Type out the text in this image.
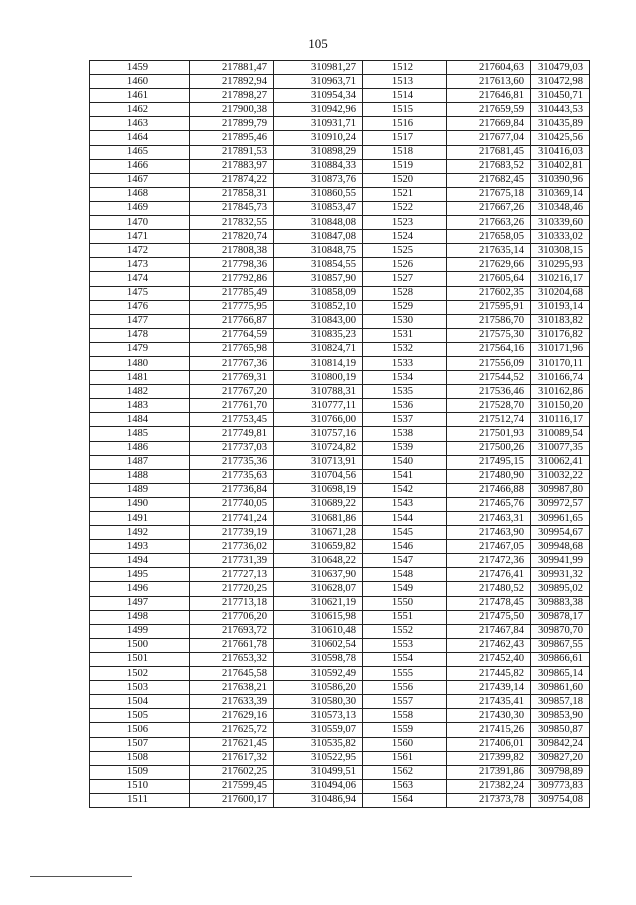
105
1459	217881,47	310981,27	1512	217604,63	310479,03
1460	217892,94	310963,71	1513	217613,60	310472,98
1461	217898,27	310954,34	1514	217646,81	310450,71
1462	217900,38	310942,96	1515	217659,59	310443,53
1463	217899,79	310931,71	1516	217669,84	310435,89
1464	217895,46	310910,24	1517	217677,04	310425,56
1465	217891,53	310898,29	1518	217681,45	310416,03
1466	217883,97	310884,33	1519	217683,52	310402,81
1467	217874,22	310873,76	1520	217682,45	310390,96
1468	217858,31	310860,55	1521	217675,18	310369,14
1469	217845,73	310853,47	1522	217667,26	310348,46
1470	217832,55	310848,08	1523	217663,26	310339,60
1471	217820,74	310847,08	1524	217658,05	310333,02
1472	217808,38	310848,75	1525	217635,14	310308,15
1473	217798,36	310854,55	1526	217629,66	310295,93
1474	217792,86	310857,90	1527	217605,64	310216,17
1475	217785,49	310858,09	1528	217602,35	310204,68
1476	217775,95	310852,10	1529	217595,91	310193,14
1477	217766,87	310843,00	1530	217586,70	310183,82
1478	217764,59	310835,23	1531	217575,30	310176,82
1479	217765,98	310824,71	1532	217564,16	310171,96
1480	217767,36	310814,19	1533	217556,09	310170,11
1481	217769,31	310800,19	1534	217544,52	310166,74
1482	217767,20	310788,31	1535	217536,46	310162,86
1483	217761,70	310777,11	1536	217528,70	310150,20
1484	217753,45	310766,00	1537	217512,74	310116,17
1485	217749,81	310757,16	1538	217501,93	310089,54
1486	217737,03	310724,82	1539	217500,26	310077,35
1487	217735,36	310713,91	1540	217495,15	310062,41
1488	217735,63	310704,56	1541	217480,90	310032,22
1489	217736,84	310698,19	1542	217466,88	309987,80
1490	217740,05	310689,22	1543	217465,76	309972,57
1491	217741,24	310681,86	1544	217463,31	309961,65
1492	217739,19	310671,28	1545	217463,90	309954,67
1493	217736,02	310659,82	1546	217467,05	309948,68
1494	217731,39	310648,22	1547	217472,36	309941,99
1495	217727,13	310637,90	1548	217476,41	309931,32
1496	217720,25	310628,07	1549	217480,52	309895,02
1497	217713,18	310621,19	1550	217478,45	309883,38
1498	217706,20	310615,98	1551	217475,50	309878,17
1499	217693,72	310610,48	1552	217467,84	309870,70
1500	217661,78	310602,54	1553	217462,43	309867,55
1501	217653,32	310598,78	1554	217452,40	309866,61
1502	217645,58	310592,49	1555	217445,82	309865,14
1503	217638,21	310586,20	1556	217439,14	309861,60
1504	217633,39	310580,30	1557	217435,41	309857,18
1505	217629,16	310573,13	1558	217430,30	309853,90
1506	217625,72	310559,07	1559	217415,26	309850,87
1507	217621,45	310535,82	1560	217406,01	309842,24
1508	217617,32	310522,95	1561	217399,82	309827,20
1509	217602,25	310499,51	1562	217391,86	309798,89
1510	217599,45	310494,06	1563	217382,24	309773,83
1511	217600,17	310486,94	1564	217373,78	309754,08
